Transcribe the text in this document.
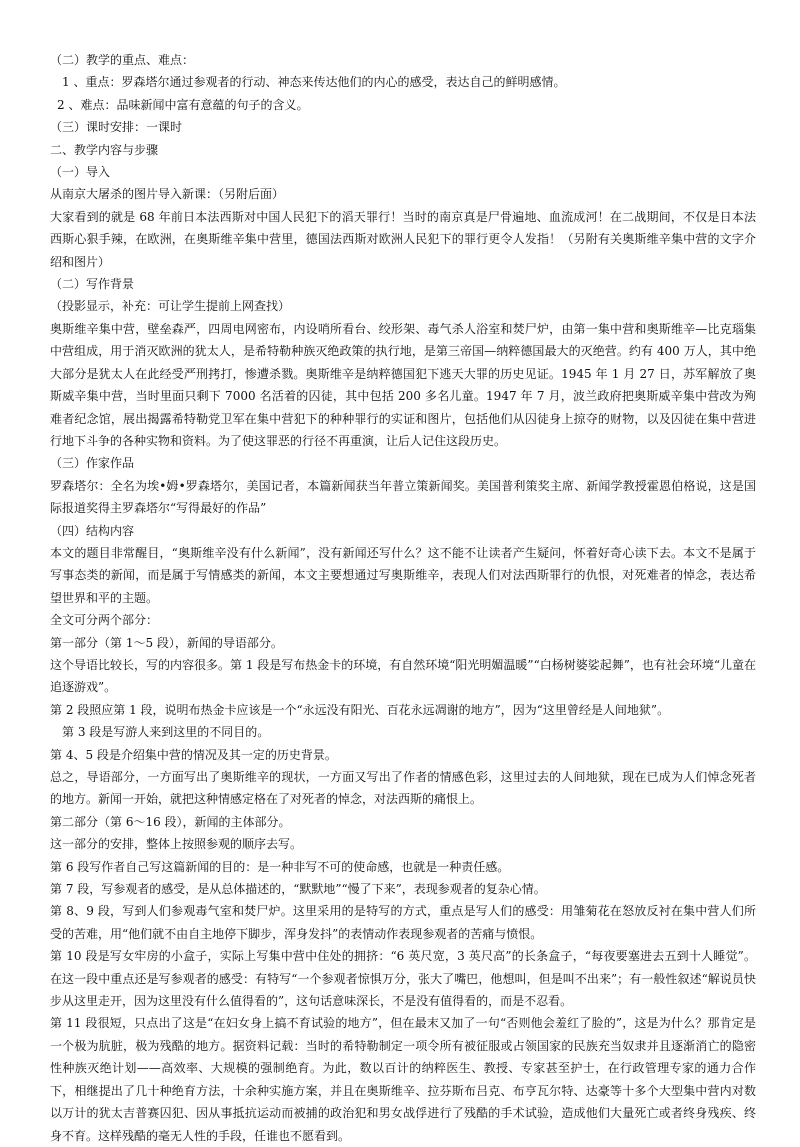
（二）教学的重点、难点：

1 、重点：罗森塔尔通过参观者的行动、神态来传达他们的内心的感受，表达自己的鲜明感情。

2 、难点：品味新闻中富有意蕴的句子的含义。

（三）课时安排：一课时

二、教学内容与步骤

（一）导入

从南京大屠杀的图片导入新课：（另附后面）

大家看到的就是 68 年前日本法西斯对中国人民犯下的滔天罪行！当时的南京真是尸骨遍地、血流成河！在二战期间，不仅是日本法西斯心狠手辣，在欧洲，在奥斯维辛集中营里，德国法西斯对欧洲人民犯下的罪行更令人发指！（另附有关奥斯维辛集中营的文字介绍和图片）

（二）写作背景

（投影显示，补充：可让学生提前上网查找）

奥斯维辛集中营，壁垒森严，四周电网密布，内设哨所看台、绞形架、毒气杀人浴室和焚尸炉，由第一集中营和奥斯维辛—比克瑙集中营组成，用于消灭欧洲的犹太人，是希特勒种族灭绝政策的执行地，是第三帝国—纳粹德国最大的灭绝营。约有 400 万人，其中绝大部分是犹太人在此经受严刑拷打，惨遭杀戮。奥斯维辛是纳粹德国犯下逃天大罪的历史见证。1945 年 1 月 27 日，苏军解放了奥斯威辛集中营，当时里面只剩下 7000 名活着的囚徒，其中包括 200 多名儿童。1947 年 7 月，波兰政府把奥斯威辛集中营改为殉难者纪念馆，展出揭露希特勒党卫军在集中营犯下的种种罪行的实证和图片，包括他们从囚徒身上掠夺的财物，以及囚徒在集中营进行地下斗争的各种实物和资料。为了使这罪恶的行径不再重演，让后人记住这段历史。

（三）作家作品

罗森塔尔：全名为埃•姆•罗森塔尔，美国记者，本篇新闻获当年普立策新闻奖。美国普利策奖主席、新闻学教授霍恩伯格说，这是国际报道奖得主罗森塔尔“写得最好的作品”

（四）结构内容

本文的题目非常醒目，“奥斯维辛没有什么新闻”，没有新闻还写什么？这不能不让读者产生疑问，怀着好奇心读下去。本文不是属于写事态类的新闻，而是属于写情感类的新闻，本文主要想通过写奥斯维辛，表现人们对法西斯罪行的仇恨，对死难者的悼念，表达希望世界和平的主题。

全文可分两个部分：

第一部分（第 1～5 段），新闻的导语部分。

这个导语比较长，写的内容很多。第 1 段是写布热金卡的环境，有自然环境“阳光明媚温暖”“白杨树婆娑起舞”，也有社会环境“儿童在追逐游戏”。

第 2 段照应第 1 段，说明布热金卡应该是一个“永远没有阳光、百花永远凋谢的地方”，因为“这里曾经是人间地狱”。

第 3 段是写游人来到这里的不同目的。

第 4、5 段是介绍集中营的情况及其一定的历史背景。

总之，导语部分，一方面写出了奥斯维辛的现状，一方面又写出了作者的情感色彩，这里过去的人间地狱，现在已成为人们悼念死者的地方。新闻一开始，就把这种情感定格在了对死者的悼念，对法西斯的痛恨上。

第二部分（第 6～16 段），新闻的主体部分。

这一部分的安排，整体上按照参观的顺序去写。

第 6 段写作者自己写这篇新闻的目的：是一种非写不可的使命感，也就是一种责任感。

第 7 段，写参观者的感受，是从总体描述的，“默默地”“慢了下来”，表现参观者的复杂心情。

第 8、9 段，写到人们参观毒气室和焚尸炉。这里采用的是特写的方式，重点是写人们的感受：用雏菊花在怒放反衬在集中营人们所受的苦难，用“他们就不由自主地停下脚步，浑身发抖”的表情动作表现参观者的苦痛与愤恨。

第 10 段是写女牢房的小盒子，实际上写集中营中住处的拥挤：“6 英尺宽，3 英尺高”的长条盒子，“每夜要塞进去五到十人睡觉”。在这一段中重点还是写参观者的感受：有特写“一个参观者惊惧万分，张大了嘴巴，他想叫，但是叫不出来”；有一般性叙述“解说员快步从这里走开，因为这里没有什么值得看的”，这句话意味深长，不是没有值得看的，而是不忍看。

第 11 段很短，只点出了这是“在妇女身上搞不育试验的地方”，但在最末又加了一句“否则他会羞红了脸的”，这是为什么？那肯定是一个极为肮脏，极为残酷的地方。据资料记载：当时的希特勒制定一项令所有被征服或占领国家的民族充当奴隶并且逐渐消亡的隐密性种族灭绝计划——高效率、大规模的强制绝育。为此，数以百计的纳粹医生、教授、专家甚至护士，在行政管理专家的通力合作下，相继提出了几十种绝育方法，十余种实施方案，并且在奥斯维辛、拉芬斯布吕克、布亨瓦尔特、达豪等十多个大型集中营内对数以万计的犹太吉普赛囚犯、因从事抵抗运动而被捕的政治犯和男女战俘进行了残酷的手术试验，造成他们大量死亡或者终身残疾、终身不育。这样残酷的毫无人性的手段，任谁也不愿看到。
